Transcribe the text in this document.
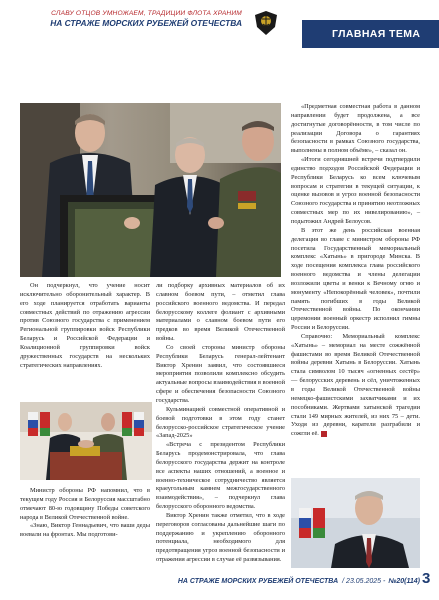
СЛАВУ ОТЦОВ УМНОЖАЕМ, ТРАДИЦИИ ФЛОТА ХРАНИМ
НА СТРАЖЕ МОРСКИХ РУБЕЖЕЙ ОТЕЧЕСТВА
ГЛАВНАЯ ТЕМА

Он подчеркнул, что учение носит исключительно оборонительный характер. В его ходе планируется отработать варианты совместных действий по отражению агрессии против Союзного государства с применением Региональной группировки войск Республики Беларусь и Российской Федерации и Коалиционной группировки войск дружественных государств на нескольких стратегических направлениях.

Министр обороны РФ напомнил, что в текущем году Россия и Белоруссия массштабно отмечают 80-ю годовщину Победы советского народа в Великой Отечественной войне.

«Знаю, Виктор Геннадьевич, что ваши деды воевали на фронтах. Мы подготови-

ли подборку архивных материалов об их славном боевом пути, – отметил глава российского военного ведомства. И передал белорусскому коллеге фолиант с архивными материалами о славном боевом пути его предков во время Великой Отечественной войны.

Со своей стороны министр обороны Республики Беларусь генерал-лейтенант Виктор Хренин заявил, что состоявшиеся мероприятия позволили комплексно обсудить актуальные вопросы взаимодействия в военной сфере и обеспечения безопасности Союзного государства.

Кульминацией совместной оперативной и боевой подготовки в этом году станет белорусско-российское стратегическое учение «Запад-2025»

«Встреча с президентом Республики Беларусь продемонстрировала, что глава белорусского государства держит на контроле все аспекты наших отношений, а военное и военно-техническое сотрудничество является краеугольным камнем межгосударственного взаимодействия», – подчеркнул глава белорусского оборонного ведомства.

Виктор Хренин также отметил, что в ходе переговоров согласованы дальнейшие шаги по поддержанию и укреплению оборонного потенциала, необходимого для предотвращения угроз военной безопасности и отражения агрессии в случае её развязывания.

«Предметная совместная работа в данном направлении будет продолжена, а все достигнутые договорённости, в том числе по реализации Договора о гарантиях безопасности в рамках Союзного государства, выполнены в полном объёме», – сказал он.

«Итоги сегодняшней встречи подтвердили единство подходов Российской Федерации и Республики Беларусь ко всем ключевым вопросам и стратегии в текущей ситуации, к оценке вызовов и угроз военной безопасности Союзного государства и принятию неотложных совместных мер по их нивелированию», – подытожил Андрей Белоусов.

В этот же день российская военная делегация во главе с министром обороны РФ посетила Государственный мемориальный комплекс «Хатынь» в пригороде Минска. В ходе посещения комплекса глава российского военного ведомства и члены делегации возложили цветы и венки к Вечному огню и монументу «Непокорённый человек», почтили память погибших в годы Великой Отечественной войны. По окончании церемонии военный оркестр исполнил гимны России и Белоруссии.

Справочно: Мемориальный комплекс «Хатынь» – мемориал на месте сожжённой фашистами во время Великой Отечественной войны деревни Хатынь в Белоруссии. Хатынь стала символом 10 тысяч «огненных сестёр» — белорусских деревень и сёл, уничтоженных в годы Великой Отечественной войны немецко-фашистскими захватчиками и их пособниками. Жертвами хатынской трагедии стали 149 мирных жителей, из них 75 – дети. Уходя из деревни, каратели разграбили и сожгли её.

НА СТРАЖЕ МОРСКИХ РУБЕЖЕЙ ОТЕЧЕСТВА / 23.05.2025 - №20(114) 3
